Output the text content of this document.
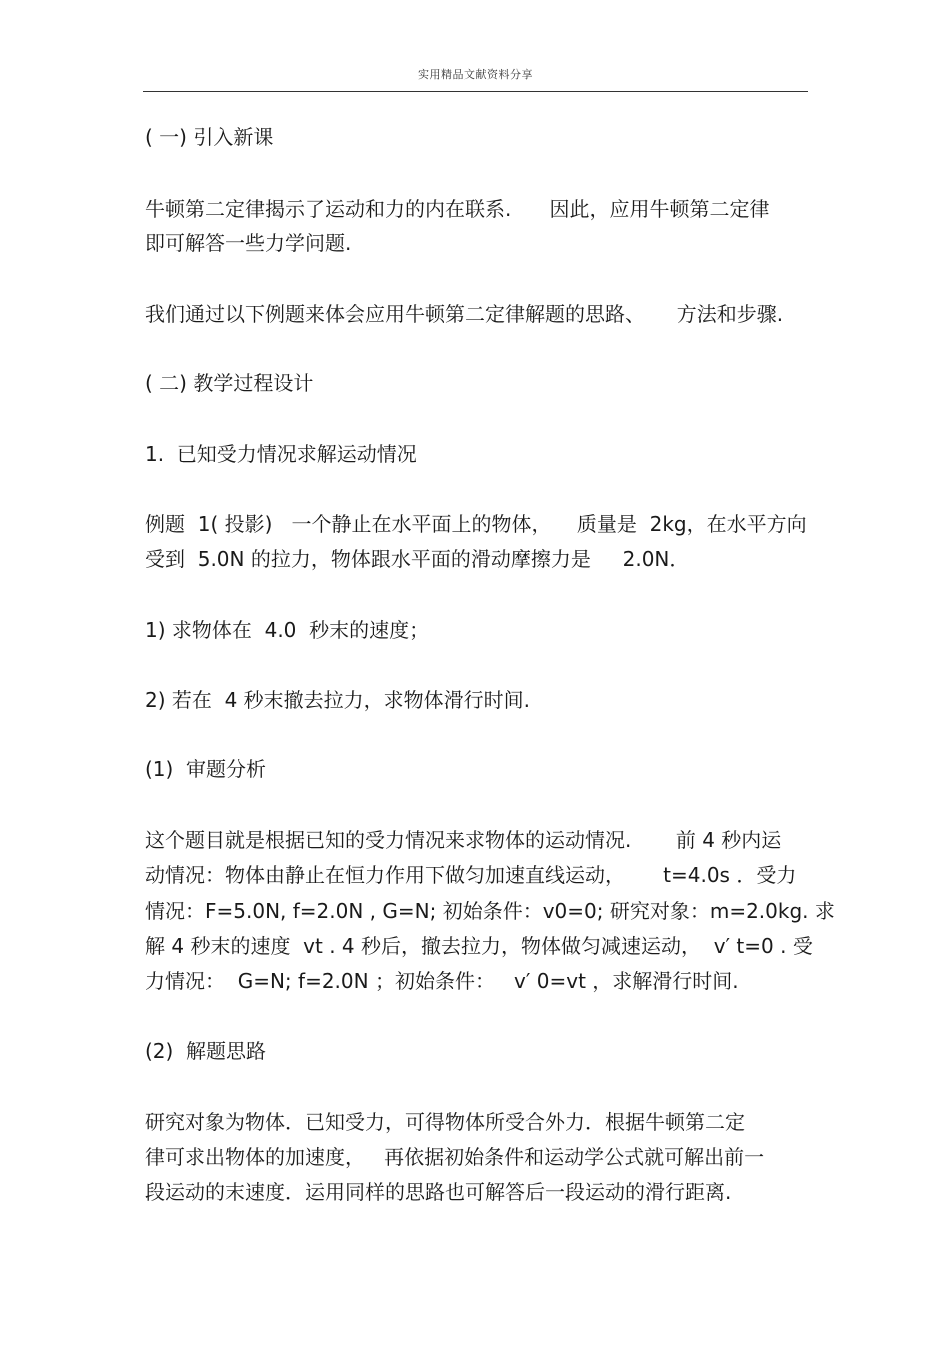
实用精品文献资料分享
( 一) 引入新课
牛顿第二定律揭示了运动和力的内在联系.      因此，应用牛顿第二定律
即可解答一些力学问题.
我们通过以下例题来体会应用牛顿第二定律解题的思路、     方法和步骤.
( 二) 教学过程设计
1.  已知受力情况求解运动情况
例题  1( 投影)   一个静止在水平面上的物体，    质量是  2kg，在水平方向
受到  5.0N 的拉力，物体跟水平面的滑动摩擦力是     2.0N．
1) 求物体在  4.0  秒末的速度；
2) 若在  4 秒末撤去拉力，求物体滑行时间.
(1)  审题分析
这个题目就是根据已知的受力情况来求物体的运动情况.       前 4 秒内运
动情况：物体由静止在恒力作用下做匀加速直线运动，      t=4.0s ．受力
情况：F=5.0N, f=2.0N , G=N; 初始条件：v0=0; 研究对象：m=2.0kg. 求
解 4 秒末的速度  vt . 4 秒后，撤去拉力，物体做匀减速运动，  v′ t=0 . 受
力情况：  G=N; f=2.0N ；初始条件：   v′ 0=vt ，求解滑行时间.
(2)  解题思路
研究对象为物体．已知受力，可得物体所受合外力．根据牛顿第二定
律可求出物体的加速度，   再依据初始条件和运动学公式就可解出前一
段运动的末速度．运用同样的思路也可解答后一段运动的滑行距离.
